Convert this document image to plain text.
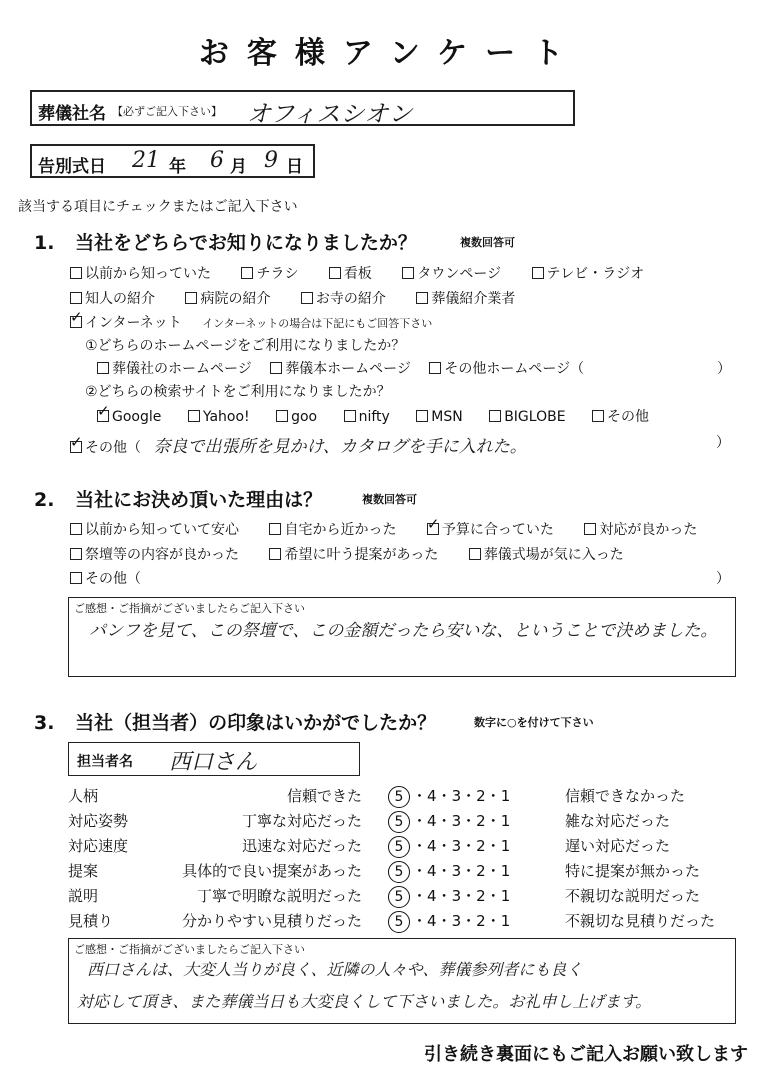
お客様アンケート
葬儀社名 【必ずご記入下さい】 オフィスシオン
告別式日 21 年 6 月 9 日
該当する項目にチェックまたはご記入下さい
1. 当社をどちらでお知りになりましたか？	複数回答可
以前から知っていた	チラシ	看板	タウンページ	テレビ・ラジオ
知人の紹介	病院の紹介	お寺の紹介	葬儀紹介業者
✓インターネット インターネットの場合は下記にもご回答下さい
①どちらのホームページをご利用になりましたか？
葬儀社のホームページ 葬儀本ホームページ その他ホームページ（	）
②どちらの検索サイトをご利用になりましたか？
✓Google	Yahoo!	goo	nifty	MSN	BIGLOBE	その他
✓その他（ 奈良で出張所を見かけ、カタログを手に入れた。	）
2. 当社にお決め頂いた理由は？	複数回答可
以前から知っていて安心	自宅から近かった ✓	予算に合っていた	対応が良かった
祭壇等の内容が良かった	希望に叶う提案があった	葬儀式場が気に入った
その他（	）
ご感想・ご指摘がございましたらご記入下さい
パンフを見て、この祭壇で、この金額だったら安いな、ということで決めました。
3. 当社（担当者）の印象はいかがでしたか？	数字に○を付けて下さい
担当者名 西口さん
人柄	信頼できた	5 ・4・3・2・1	信頼できなかった
対応姿勢	丁寧な対応だった	5 ・4・3・2・1	雑な対応だった
対応速度	迅速な対応だった	5 ・4・3・2・1	遅い対応だった
提案	具体的で良い提案があった	5 ・4・3・2・1	特に提案が無かった
説明	丁寧で明瞭な説明だった	5 ・4・3・2・1	不親切な説明だった
見積り	分かりやすい見積りだった	5 ・4・3・2・1	不親切な見積りだった
ご感想・ご指摘がございましたらご記入下さい
西口さんは、大変人当りが良く、近隣の人々や、葬儀参列者にも良く
対応して頂き、また葬儀当日も大変良くして下さいました。お礼申し上げます。
引き続き裏面にもご記入お願い致します
